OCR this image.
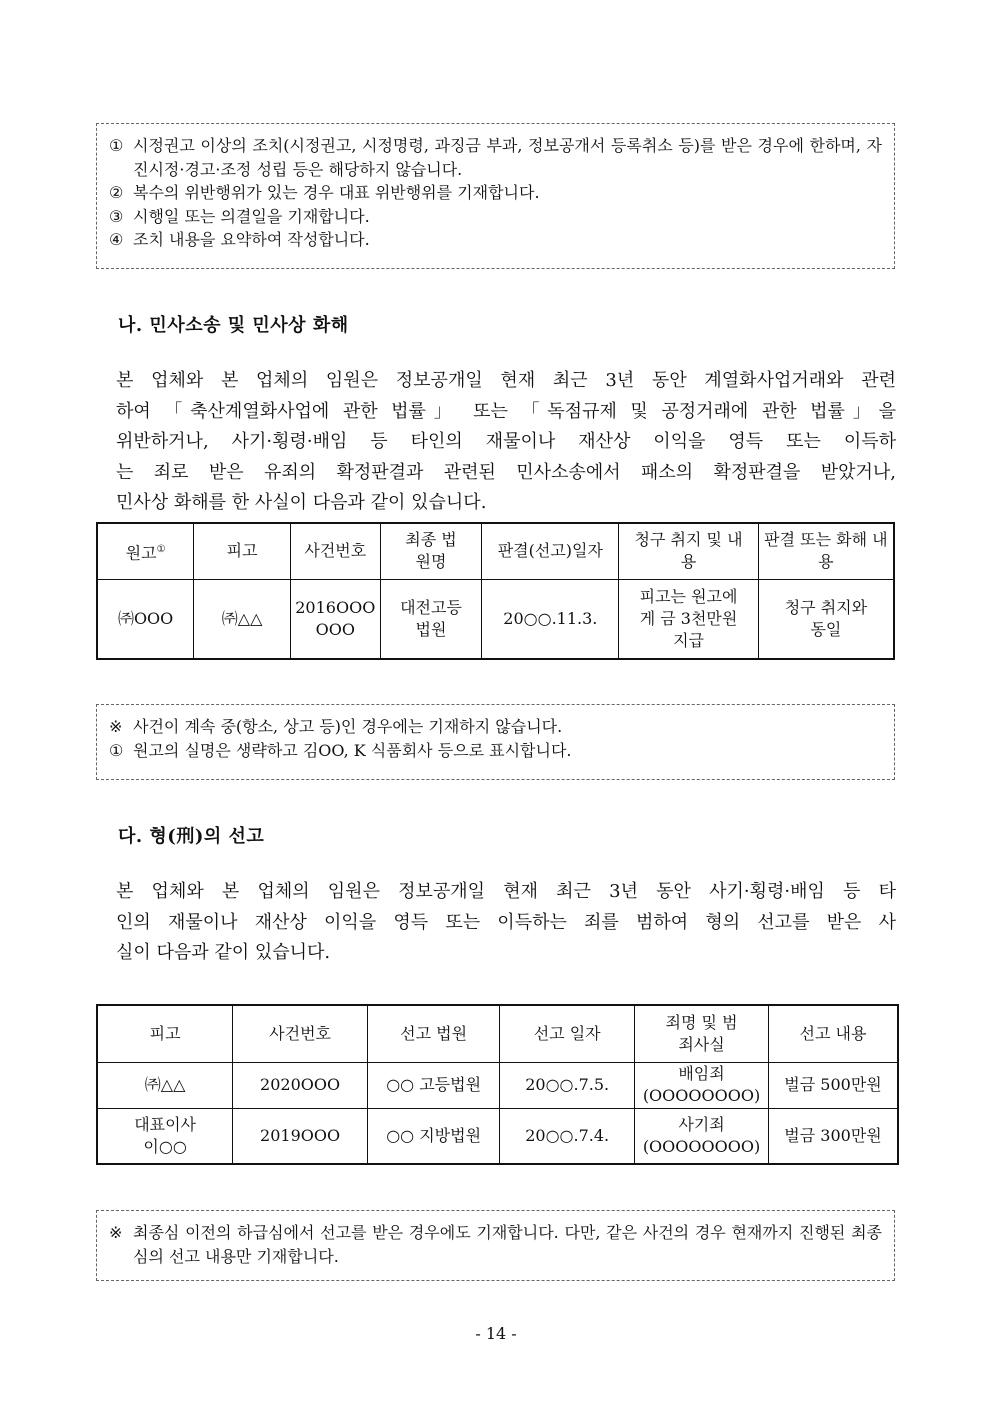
① 시정권고 이상의 조치(시정권고, 시정명령, 과징금 부과, 정보공개서 등록취소 등)를 받은 경우에 한하며, 자진시정·경고·조정 성립 등은 해당하지 않습니다.
② 복수의 위반행위가 있는 경우 대표 위반행위를 기재합니다.
③ 시행일 또는 의결일을 기재합니다.
④ 조치 내용을 요약하여 작성합니다.
나. 민사소송 및 민사상 화해
본 업체와 본 업체의 임원은 정보공개일 현재 최근 3년 동안 계열화사업거래와 관련
하여 「축산계열화사업에 관한 법률」 또는 「독점규제 및 공정거래에 관한 법률」을
위반하거나, 사기·횡령·배임 등 타인의 재물이나 재산상 이익을 영득 또는 이득하
는 죄로 받은 유죄의 확정판결과 관련된 민사소송에서 패소의 확정판결을 받았거나,
민사상 화해를 한 사실이 다음과 같이 있습니다.
원고①	피고	사건번호	최종 법원명	판결(선고)일자	청구 취지 및 내용	판결 또는 화해 내용
㈜OOO	㈜△△	2016OOOOOO	대전고등법원	20○○.11.3.	피고는 원고에게 금 3천만원 지급	청구 취지와 동일
※ 사건이 계속 중(항소, 상고 등)인 경우에는 기재하지 않습니다.
① 원고의 실명은 생략하고 김OO, K 식품회사 등으로 표시합니다.
다. 형(刑)의 선고
본 업체와 본 업체의 임원은 정보공개일 현재 최근 3년 동안 사기·횡령·배임 등 타
인의 재물이나 재산상 이익을 영득 또는 이득하는 죄를 범하여 형의 선고를 받은 사
실이 다음과 같이 있습니다.
피고	사건번호	선고 법원	선고 일자	죄명 및 범죄사실	선고 내용
㈜△△	2020OOO	○○ 고등법원	20○○.7.5.	배임죄 (OOOOOOOO)	벌금 500만원
대표이사 이○○	2019OOO	○○ 지방법원	20○○.7.4.	사기죄 (OOOOOOOO)	벌금 300만원
※ 최종심 이전의 하급심에서 선고를 받은 경우에도 기재합니다. 다만, 같은 사건의 경우 현재까지 진행된 최종심의 선고 내용만 기재합니다.
- 14 -
